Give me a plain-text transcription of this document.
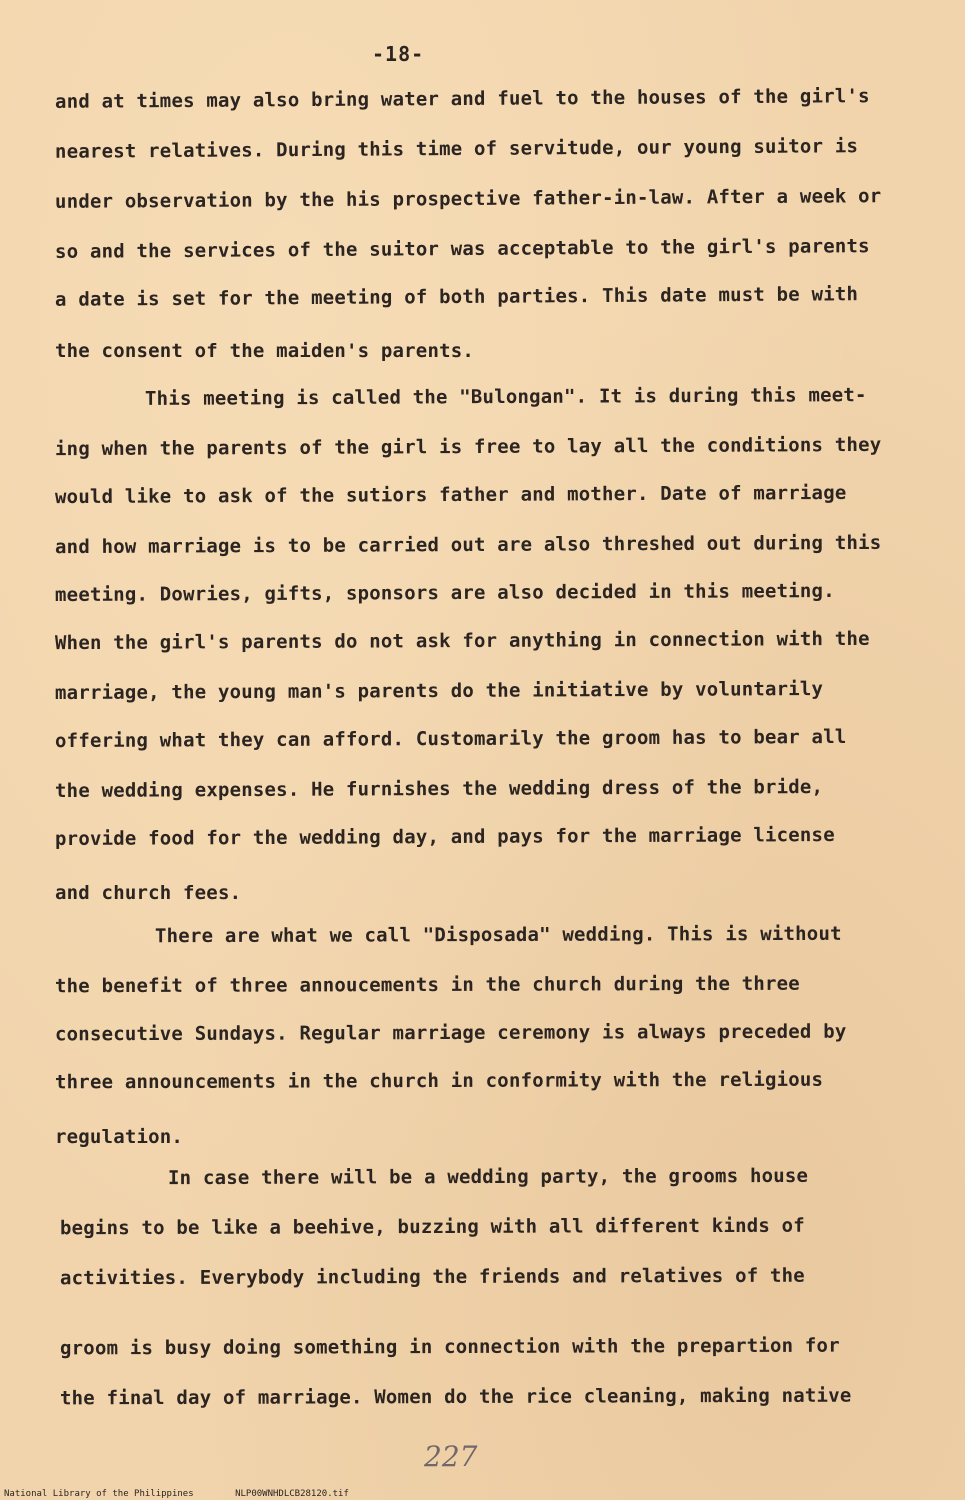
-18-
and at times may also bring water and fuel to the houses of the girl's
nearest relatives. During this time of servitude, our young suitor is
under observation by the his prospective father-in-law. After a week or
so and the services of the suitor was acceptable to the girl's parents
a date is set for the meeting of both parties. This date must be with
the consent of the maiden's parents.
This meeting is called the "Bulongan". It is during this meet-
ing when the parents of the girl is free to lay all the conditions they
would like to ask of the sutiors father and mother. Date of marriage
and how marriage is to be carried out are also threshed out during this
meeting. Dowries, gifts, sponsors are also decided in this meeting.
When the girl's parents do not ask for anything in connection with the
marriage, the young man's parents do the initiative by voluntarily
offering what they can afford. Customarily the groom has to bear all
the wedding expenses. He furnishes the wedding dress of the bride,
provide food for the wedding day, and pays for the marriage license
and church fees.
There are what we call "Disposada" wedding. This is without
the benefit of three annoucements in the church during the three
consecutive Sundays. Regular marriage ceremony is always preceded by
three announcements in the church in conformity with the religious
regulation.
In case there will be a wedding party, the grooms house
begins to be like a beehive, buzzing with all different kinds of
activities. Everybody including the friends and relatives of the
groom is busy doing something in connection with the prepartion for
the final day of marriage. Women do the rice cleaning, making native
227
National Library of the Philippines	NLP00WNHDLCB28120.tif
